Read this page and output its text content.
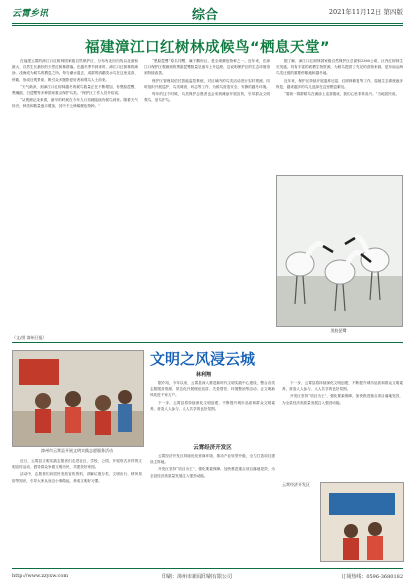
云霄乡讯	综合	2021年11月12日 第四版
福建漳江口红树林成候鸟“栖息天堂”

在福建云霄的漳江口红树林国家级自然保护区，分布有北回归线以北面积最大、自然生长最好的天然红树林群落。在越冬季节到来时，漳江口红树林的滩涂、浅海成为候鸟的栖息之所。每当潮水退去，成群的鸻鹬类水鸟在这里觅食、停歇，形成壮观景象，吸引众多摄影爱好者和观鸟人士前来。

“天气渐凉，到漳江口红树林越冬的候鸟数量正在不断增加，有黑脸琵鹭、黑嘴鸥、白琵鹭等多种国家重点保护鸟类。”保护区工作人员介绍说。

“从观测记录来看，最早的时候在今年九月初就陆续有候鸟到来。随着天气转冷，种类和数量逐月增加，其中不乏珍稀濒危物种。”

“黑脸琵鹭”原名冈鹭，属于鹳形目，是全球濒危物种之一。近年来，在漳江口保护区观测到的黑脸琵鹭数量呈逐年上升趋势，这说明保护区的生态环境得到持续改善。

保护区管理局依托智能监控系统，对区域内的鸟类活动进行实时观测，同时组织开展巡护、鸟类调查、环志等工作，为候鸟营造安全、安静的越冬环境。

每年的这个时候，鸟类保护志愿者也会来到滩涂开展宣传，引导群众文明观鸟、爱鸟护鸟。

据了解，漳江口红树林国家级自然保护区总面积2360公顷，区内红树林生长茂盛，具有丰富的底栖生物资源，为候鸟提供了充足的食物来源，是东南沿海鸟类迁徙的重要停歇地和越冬地。

近年来，保护区持续开展退养还湿、红树林修复等工作，湿地生态系统逐步恢复，越来越多的鸟儿选择在这里栖息繁衍。

“看到一群群候鸟在滩涂上觅食嬉戏，我们心里非常高兴。”当地居民说。

黑脸琵鹭
（文/图 漳州日报）
漳州市云霄县开展文明实践志愿服务活动
文明之风浸云城
林利翔

近日，云霄县文明实践志愿者们走进社区、学校、公园，开展形式多样的文明宣传活动，倡导群众争做文明市民，共建美好家园。

活动中，志愿者们向居民发放宣传资料，讲解垃圾分类、文明出行、移风易俗等知识，引导大家从身边小事做起，养成文明好习惯。

据介绍，今年以来，云霄县深入推进新时代文明实践中心建设，整合各类志愿服务资源，常态化开展理论宣讲、关爱帮扶、环境整治等活动，让文明新风吹进千家万户。

下一步，云霄县将持续深化文明创建，不断提升城市品质和群众文明素养，营造人人参与、人人共享的良好氛围。

云霄经济开发区

云霄经济开发区持续优化营商环境，推动产业转型升级，全力打造项目建设主阵地。

开发区坚持“项目为王”，强化要素保障，加快推进重点项目落地见效，为全县经济高质量发展注入强劲动能。

下一步，云霄县将持续深化文明创建，不断提升城市品质和群众文明素养，营造人人参与、人人共享的良好氛围。

开发区坚持“项目为王”，强化要素保障，加快推进重点项目落地见效，为全县经济高质量发展注入强劲动能。

云霄经济开发区
http://www.zzyxw.com	印刷：漳州市新闻印刷有限公司	订阅热线：0596-3680182
